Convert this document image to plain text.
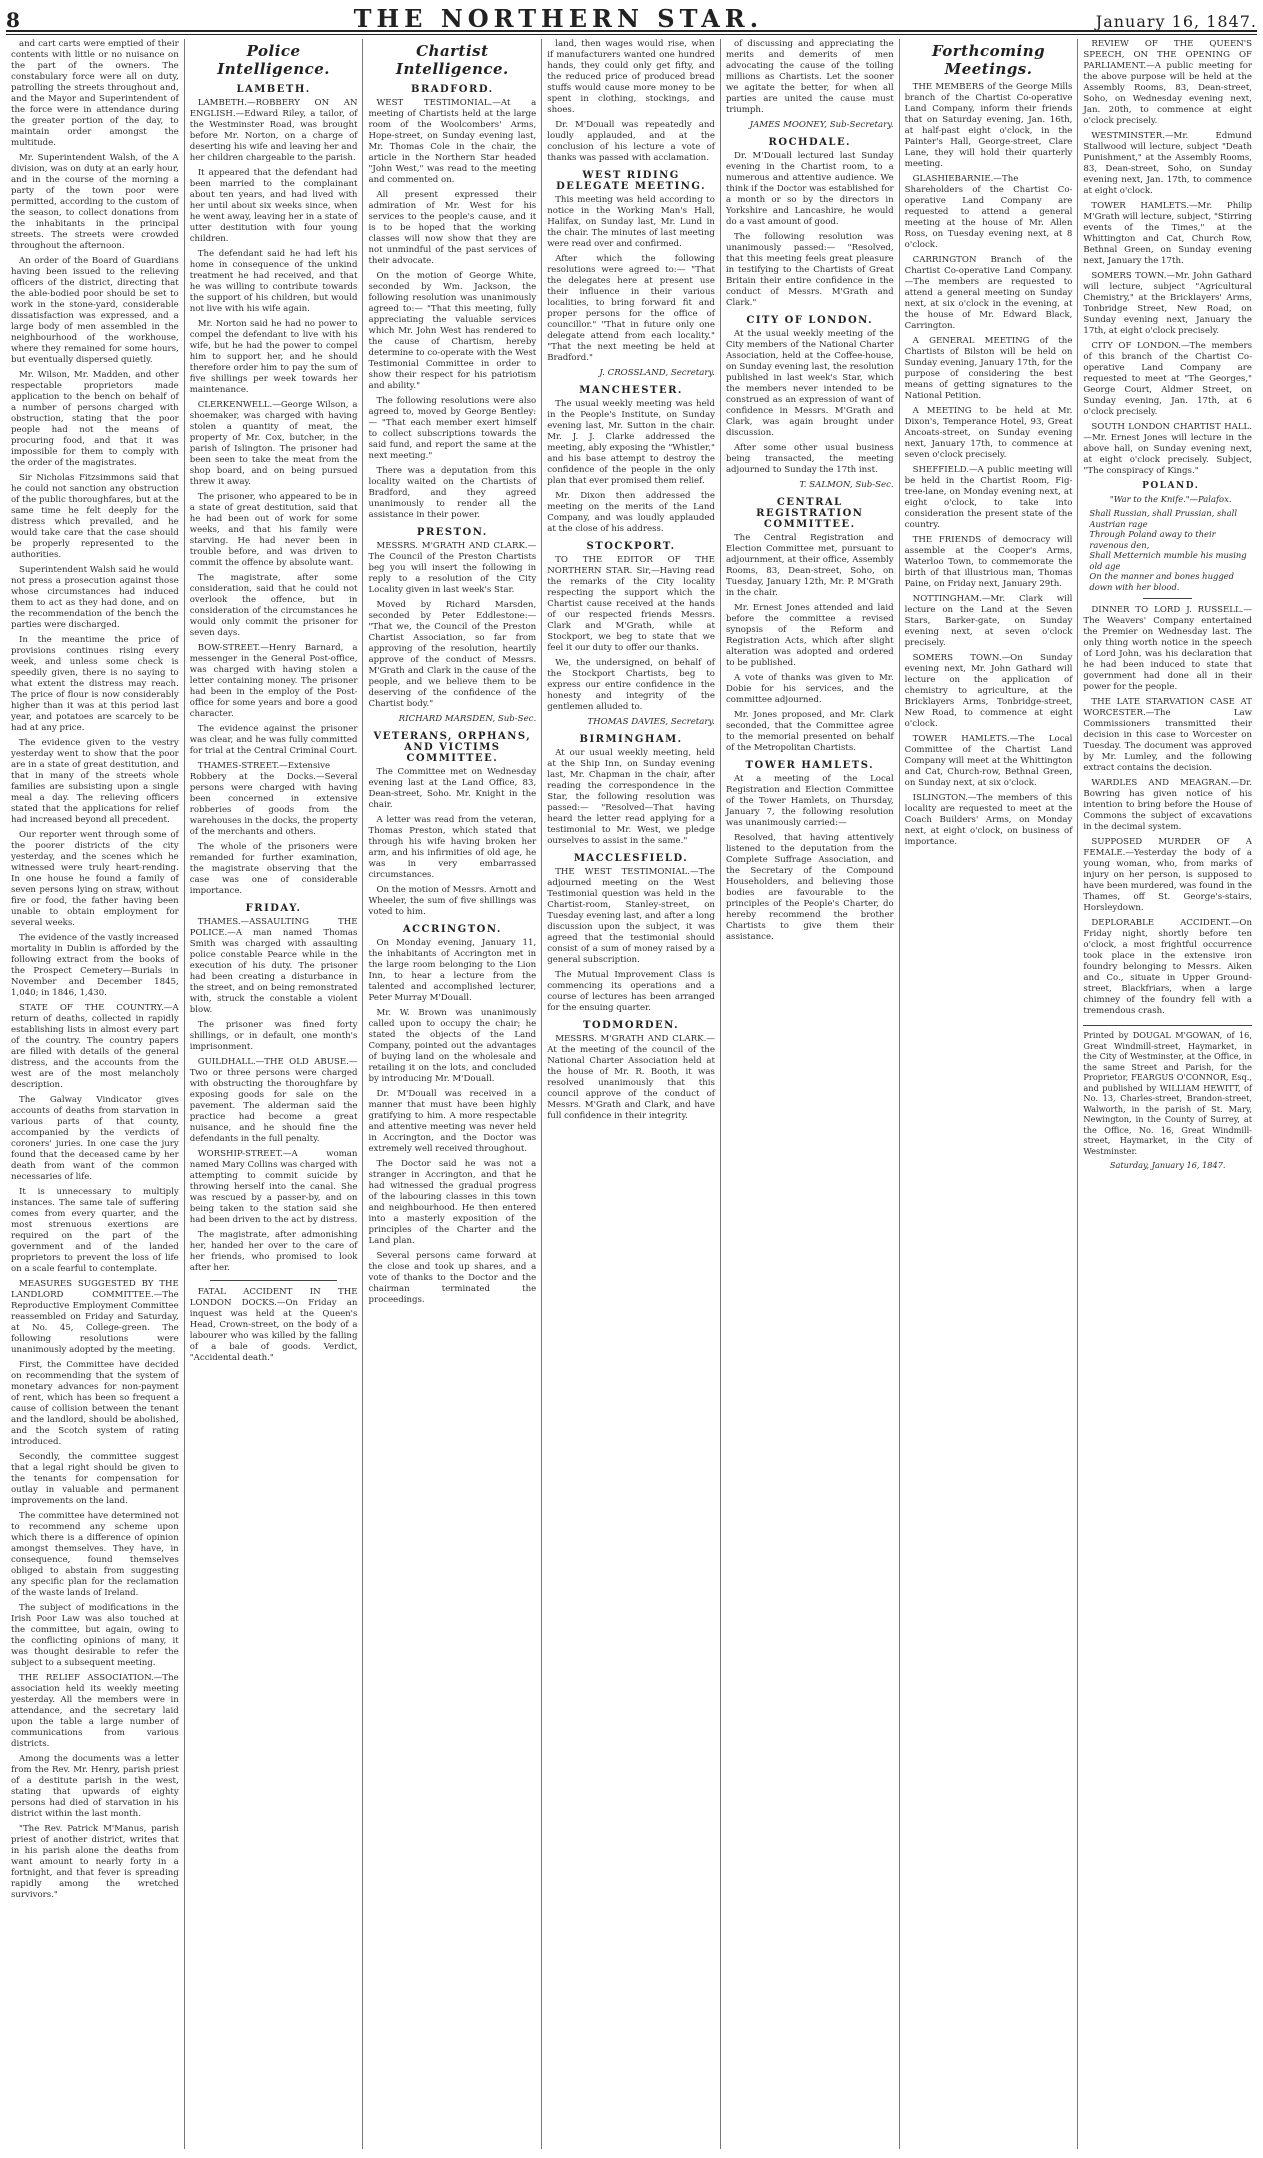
8	THE NORTHERN STAR.	January 16, 1847.

and cart carts were emptied of their contents with little or no nuisance on the part of the owners. The constabulary force were all on duty, patrolling the streets throughout and, and the Mayor and Superintendent of the force were in attendance during the greater portion of the day, to maintain order amongst the multitude.

Mr. Superintendent Walsh, of the A division, was on duty at an early hour, and in the course of the morning a party of the town poor were permitted, according to the custom of the season, to collect donations from the inhabitants in the principal streets. The streets were crowded throughout the afternoon.

An order of the Board of Guardians having been issued to the relieving officers of the district, directing that the able-bodied poor should be set to work in the stone-yard, considerable dissatisfaction was expressed, and a large body of men assembled in the neighbourhood of the workhouse, where they remained for some hours, but eventually dispersed quietly.

Mr. Wilson, Mr. Madden, and other respectable proprietors made application to the bench on behalf of a number of persons charged with obstruction, stating that the poor people had not the means of procuring food, and that it was impossible for them to comply with the order of the magistrates.

Sir Nicholas Fitzsimmons said that he could not sanction any obstruction of the public thoroughfares, but at the same time he felt deeply for the distress which prevailed, and he would take care that the case should be properly represented to the authorities.

Superintendent Walsh said he would not press a prosecution against those whose circumstances had induced them to act as they had done, and on the recommendation of the bench the parties were discharged.

In the meantime the price of provisions continues rising every week, and unless some check is speedily given, there is no saying to what extent the distress may reach. The price of flour is now considerably higher than it was at this period last year, and potatoes are scarcely to be had at any price.

The evidence given to the vestry yesterday went to show that the poor are in a state of great destitution, and that in many of the streets whole families are subsisting upon a single meal a day. The relieving officers stated that the applications for relief had increased beyond all precedent.

Our reporter went through some of the poorer districts of the city yesterday, and the scenes which he witnessed were truly heart-rending. In one house he found a family of seven persons lying on straw, without fire or food, the father having been unable to obtain employment for several weeks.

The evidence of the vastly increased mortality in Dublin is afforded by the following extract from the books of the Prospect Cemetery—Burials in November and December 1845, 1,040; in 1846, 1,430.

STATE OF THE COUNTRY.—A return of deaths, collected in rapidly establishing lists in almost every part of the country. The country papers are filled with details of the general distress, and the accounts from the west are of the most melancholy description.

The Galway Vindicator gives accounts of deaths from starvation in various parts of that county, accompanied by the verdicts of coroners' juries. In one case the jury found that the deceased came by her death from want of the common necessaries of life.

It is unnecessary to multiply instances. The same tale of suffering comes from every quarter, and the most strenuous exertions are required on the part of the government and of the landed proprietors to prevent the loss of life on a scale fearful to contemplate.

MEASURES SUGGESTED BY THE LANDLORD COMMITTEE.—The Reproductive Employment Committee reassembled on Friday and Saturday, at No. 45, College-green. The following resolutions were unanimously adopted by the meeting.

First, the Committee have decided on recommending that the system of monetary advances for non-payment of rent, which has been so frequent a cause of collision between the tenant and the landlord, should be abolished, and the Scotch system of rating introduced.

Secondly, the committee suggest that a legal right should be given to the tenants for compensation for outlay in valuable and permanent improvements on the land.

The committee have determined not to recommend any scheme upon which there is a difference of opinion amongst themselves. They have, in consequence, found themselves obliged to abstain from suggesting any specific plan for the reclamation of the waste lands of Ireland.

The subject of modifications in the Irish Poor Law was also touched at the committee, but again, owing to the conflicting opinions of many, it was thought desirable to refer the subject to a subsequent meeting.

THE RELIEF ASSOCIATION.—The association held its weekly meeting yesterday. All the members were in attendance, and the secretary laid upon the table a large number of communications from various districts.

Among the documents was a letter from the Rev. Mr. Henry, parish priest of a destitute parish in the west, stating that upwards of eighty persons had died of starvation in his district within the last month.

"The Rev. Patrick M'Manus, parish priest of another district, writes that in his parish alone the deaths from want amount to nearly forty in a fortnight, and that fever is spreading rapidly among the wretched survivors."

Police Intelligence.
LAMBETH.

LAMBETH.—ROBBERY ON AN ENGLISH.—Edward Riley, a tailor, of the Westminster Road, was brought before Mr. Norton, on a charge of deserting his wife and leaving her and her children chargeable to the parish.

It appeared that the defendant had been married to the complainant about ten years, and had lived with her until about six weeks since, when he went away, leaving her in a state of utter destitution with four young children.

The defendant said he had left his home in consequence of the unkind treatment he had received, and that he was willing to contribute towards the support of his children, but would not live with his wife again.

Mr. Norton said he had no power to compel the defendant to live with his wife, but he had the power to compel him to support her, and he should therefore order him to pay the sum of five shillings per week towards her maintenance.

CLERKENWELL.—George Wilson, a shoemaker, was charged with having stolen a quantity of meat, the property of Mr. Cox, butcher, in the parish of Islington. The prisoner had been seen to take the meat from the shop board, and on being pursued threw it away.

The prisoner, who appeared to be in a state of great destitution, said that he had been out of work for some weeks, and that his family were starving. He had never been in trouble before, and was driven to commit the offence by absolute want.

The magistrate, after some consideration, said that he could not overlook the offence, but in consideration of the circumstances he would only commit the prisoner for seven days.

BOW-STREET.—Henry Barnard, a messenger in the General Post-office, was charged with having stolen a letter containing money. The prisoner had been in the employ of the Post-office for some years and bore a good character.

The evidence against the prisoner was clear, and he was fully committed for trial at the Central Criminal Court.

THAMES-STREET.—Extensive Robbery at the Docks.—Several persons were charged with having been concerned in extensive robberies of goods from the warehouses in the docks, the property of the merchants and others.

The whole of the prisoners were remanded for further examination, the magistrate observing that the case was one of considerable importance.

FRIDAY.

THAMES.—ASSAULTING THE POLICE.—A man named Thomas Smith was charged with assaulting police constable Pearce while in the execution of his duty. The prisoner had been creating a disturbance in the street, and on being remonstrated with, struck the constable a violent blow.

The prisoner was fined forty shillings, or in default, one month's imprisonment.

GUILDHALL.—THE OLD ABUSE.—Two or three persons were charged with obstructing the thoroughfare by exposing goods for sale on the pavement. The alderman said the practice had become a great nuisance, and he should fine the defendants in the full penalty.

WORSHIP-STREET.—A woman named Mary Collins was charged with attempting to commit suicide by throwing herself into the canal. She was rescued by a passer-by, and on being taken to the station said she had been driven to the act by distress.

The magistrate, after admonishing her, handed her over to the care of her friends, who promised to look after her.

FATAL ACCIDENT IN THE LONDON DOCKS.—On Friday an inquest was held at the Queen's Head, Crown-street, on the body of a labourer who was killed by the falling of a bale of goods. Verdict, "Accidental death."

Chartist Intelligence.
BRADFORD.

WEST TESTIMONIAL.—At a meeting of Chartists held at the large room of the Woolcombers' Arms, Hope-street, on Sunday evening last, Mr. Thomas Cole in the chair, the article in the Northern Star headed "John West," was read to the meeting and commented on.

All present expressed their admiration of Mr. West for his services to the people's cause, and it is to be hoped that the working classes will now show that they are not unmindful of the past services of their advocate.

On the motion of George White, seconded by Wm. Jackson, the following resolution was unanimously agreed to:— "That this meeting, fully appreciating the valuable services which Mr. John West has rendered to the cause of Chartism, hereby determine to co-operate with the West Testimonial Committee in order to show their respect for his patriotism and ability."

The following resolutions were also agreed to, moved by George Bentley:— "That each member exert himself to collect subscriptions towards the said fund, and report the same at the next meeting."

There was a deputation from this locality waited on the Chartists of Bradford, and they agreed unanimously to render all the assistance in their power.

PRESTON.

MESSRS. M'GRATH AND CLARK.—The Council of the Preston Chartists beg you will insert the following in reply to a resolution of the City Locality given in last week's Star.

Moved by Richard Marsden, seconded by Peter Eddlestone:— "That we, the Council of the Preston Chartist Association, so far from approving of the resolution, heartily approve of the conduct of Messrs. M'Grath and Clark in the cause of the people, and we believe them to be deserving of the confidence of the Chartist body."

RICHARD MARSDEN, Sub-Sec.

VETERANS, ORPHANS, AND VICTIMS COMMITTEE.

The Committee met on Wednesday evening last at the Land Office, 83, Dean-street, Soho. Mr. Knight in the chair.

A letter was read from the veteran, Thomas Preston, which stated that through his wife having broken her arm, and his infirmities of old age, he was in very embarrassed circumstances.

On the motion of Messrs. Arnott and Wheeler, the sum of five shillings was voted to him.

ACCRINGTON.

On Monday evening, January 11, the inhabitants of Accrington met in the large room belonging to the Lion Inn, to hear a lecture from the talented and accomplished lecturer, Peter Murray M'Douall.

Mr. W. Brown was unanimously called upon to occupy the chair; he stated the objects of the Land Company, pointed out the advantages of buying land on the wholesale and retailing it on the lots, and concluded by introducing Mr. M'Douall.

Dr. M'Douall was received in a manner that must have been highly gratifying to him. A more respectable and attentive meeting was never held in Accrington, and the Doctor was extremely well received throughout.

The Doctor said he was not a stranger in Accrington, and that he had witnessed the gradual progress of the labouring classes in this town and neighbourhood. He then entered into a masterly exposition of the principles of the Charter and the Land plan.

Several persons came forward at the close and took up shares, and a vote of thanks to the Doctor and the chairman terminated the proceedings.

land, then wages would rise, when if manufacturers wanted one hundred hands, they could only get fifty, and the reduced price of produced bread stuffs would cause more money to be spent in clothing, stockings, and shoes.

Dr. M'Douall was repeatedly and loudly applauded, and at the conclusion of his lecture a vote of thanks was passed with acclamation.

WEST RIDING DELEGATE MEETING.

This meeting was held according to notice in the Working Man's Hall, Halifax, on Sunday last, Mr. Lund in the chair. The minutes of last meeting were read over and confirmed.

After which the following resolutions were agreed to:— "That the delegates here at present use their influence in their various localities, to bring forward fit and proper persons for the office of councillor." "That in future only one delegate attend from each locality." "That the next meeting be held at Bradford."

J. CROSSLAND, Secretary.

MANCHESTER.

The usual weekly meeting was held in the People's Institute, on Sunday evening last, Mr. Sutton in the chair. Mr. J. J. Clarke addressed the meeting, ably exposing the "Whistler," and his base attempt to destroy the confidence of the people in the only plan that ever promised them relief.

Mr. Dixon then addressed the meeting on the merits of the Land Company, and was loudly applauded at the close of his address.

STOCKPORT.

TO THE EDITOR OF THE NORTHERN STAR. Sir,—Having read the remarks of the City locality respecting the support which the Chartist cause received at the hands of our respected friends Messrs. Clark and M'Grath, while at Stockport, we beg to state that we feel it our duty to offer our thanks.

We, the undersigned, on behalf of the Stockport Chartists, beg to express our entire confidence in the honesty and integrity of the gentlemen alluded to.

THOMAS DAVIES, Secretary.

BIRMINGHAM.

At our usual weekly meeting, held at the Ship Inn, on Sunday evening last, Mr. Chapman in the chair, after reading the correspondence in the Star, the following resolution was passed:— "Resolved—That having heard the letter read applying for a testimonial to Mr. West, we pledge ourselves to assist in the same."

MACCLESFIELD.

THE WEST TESTIMONIAL.—The adjourned meeting on the West Testimonial question was held in the Chartist-room, Stanley-street, on Tuesday evening last, and after a long discussion upon the subject, it was agreed that the testimonial should consist of a sum of money raised by a general subscription.

The Mutual Improvement Class is commencing its operations and a course of lectures has been arranged for the ensuing quarter.

TODMORDEN.

MESSRS. M'GRATH AND CLARK.—At the meeting of the council of the National Charter Association held at the house of Mr. R. Booth, it was resolved unanimously that this council approve of the conduct of Messrs. M'Grath and Clark, and have full confidence in their integrity.

of discussing and appreciating the merits and demerits of men advocating the cause of the toiling millions as Chartists. Let the sooner we agitate the better, for when all parties are united the cause must triumph.

JAMES MOONEY, Sub-Secretary.

ROCHDALE.

Dr. M'Douall lectured last Sunday evening in the Chartist room, to a numerous and attentive audience. We think if the Doctor was established for a month or so by the directors in Yorkshire and Lancashire, he would do a vast amount of good.

The following resolution was unanimously passed:— "Resolved, that this meeting feels great pleasure in testifying to the Chartists of Great Britain their entire confidence in the conduct of Messrs. M'Grath and Clark."

CITY OF LONDON.

At the usual weekly meeting of the City members of the National Charter Association, held at the Coffee-house, on Sunday evening last, the resolution published in last week's Star, which the members never intended to be construed as an expression of want of confidence in Messrs. M'Grath and Clark, was again brought under discussion.

After some other usual business being transacted, the meeting adjourned to Sunday the 17th inst.

T. SALMON, Sub-Sec.

CENTRAL REGISTRATION COMMITTEE.

The Central Registration and Election Committee met, pursuant to adjournment, at their office, Assembly Rooms, 83, Dean-street, Soho, on Tuesday, January 12th, Mr. P. M'Grath in the chair.

Mr. Ernest Jones attended and laid before the committee a revised synopsis of the Reform and Registration Acts, which after slight alteration was adopted and ordered to be published.

A vote of thanks was given to Mr. Dobie for his services, and the committee adjourned.

Mr. Jones proposed, and Mr. Clark seconded, that the Committee agree to the memorial presented on behalf of the Metropolitan Chartists.

TOWER HAMLETS.

At a meeting of the Local Registration and Election Committee of the Tower Hamlets, on Thursday, January 7, the following resolution was unanimously carried:—

Resolved, that having attentively listened to the deputation from the Complete Suffrage Association, and the Secretary of the Compound Householders, and believing those bodies are favourable to the principles of the People's Charter, do hereby recommend the brother Chartists to give them their assistance.

Forthcoming Meetings.

THE MEMBERS of the George Mills branch of the Chartist Co-operative Land Company, inform their friends that on Saturday evening, Jan. 16th, at half-past eight o'clock, in the Painter's Hall, George-street, Clare Lane, they will hold their quarterly meeting.

GLASHIEBARNIE.—The Shareholders of the Chartist Co-operative Land Company are requested to attend a general meeting at the house of Mr. Allen Ross, on Tuesday evening next, at 8 o'clock.

CARRINGTON Branch of the Chartist Co-operative Land Company.—The members are requested to attend a general meeting on Sunday next, at six o'clock in the evening, at the house of Mr. Edward Black, Carrington.

A GENERAL MEETING of the Chartists of Bilston will be held on Sunday evening, January 17th, for the purpose of considering the best means of getting signatures to the National Petition.

A MEETING to be held at Mr. Dixon's, Temperance Hotel, 93, Great Ancoats-street, on Sunday evening next, January 17th, to commence at seven o'clock precisely.

SHEFFIELD.—A public meeting will be held in the Chartist Room, Fig-tree-lane, on Monday evening next, at eight o'clock, to take into consideration the present state of the country.

THE FRIENDS of democracy will assemble at the Cooper's Arms, Waterloo Town, to commemorate the birth of that illustrious man, Thomas Paine, on Friday next, January 29th.

NOTTINGHAM.—Mr. Clark will lecture on the Land at the Seven Stars, Barker-gate, on Sunday evening next, at seven o'clock precisely.

SOMERS TOWN.—On Sunday evening next, Mr. John Gathard will lecture on the application of chemistry to agriculture, at the Bricklayers Arms, Tonbridge-street, New Road, to commence at eight o'clock.

TOWER HAMLETS.—The Local Committee of the Chartist Land Company will meet at the Whittington and Cat, Church-row, Bethnal Green, on Sunday next, at six o'clock.

ISLINGTON.—The members of this locality are requested to meet at the Coach Builders' Arms, on Monday next, at eight o'clock, on business of importance.

REVIEW OF THE QUEEN'S SPEECH, ON THE OPENING OF PARLIAMENT.—A public meeting for the above purpose will be held at the Assembly Rooms, 83, Dean-street, Soho, on Wednesday evening next, Jan. 20th, to commence at eight o'clock precisely.

WESTMINSTER.—Mr. Edmund Stallwood will lecture, subject "Death Punishment," at the Assembly Rooms, 83, Dean-street, Soho, on Sunday evening next, Jan. 17th, to commence at eight o'clock.

TOWER HAMLETS.—Mr. Philip M'Grath will lecture, subject, "Stirring events of the Times," at the Whittington and Cat, Church Row, Bethnal Green, on Sunday evening next, January the 17th.

SOMERS TOWN.—Mr. John Gathard will lecture, subject "Agricultural Chemistry," at the Bricklayers' Arms, Tonbridge Street, New Road, on Sunday evening next, January the 17th, at eight o'clock precisely.

CITY OF LONDON.—The members of this branch of the Chartist Co-operative Land Company are requested to meet at "The Georges," George Court, Aldmer Street, on Sunday evening, Jan. 17th, at 6 o'clock precisely.

SOUTH LONDON CHARTIST HALL.—Mr. Ernest Jones will lecture in the above hall, on Sunday evening next, at eight o'clock precisely. Subject, "The conspiracy of Kings."

POLAND.

"War to the Knife."—Palafox.

Shall Russian, shall Prussian, shall Austrian rage

Through Poland away to their ravenous den,

Shall Metternich mumble his musing old age

On the manner and bones hugged down with her blood.

DINNER TO LORD J. RUSSELL.—The Weavers' Company entertained the Premier on Wednesday last. The only thing worth notice in the speech of Lord John, was his declaration that he had been induced to state that government had done all in their power for the people.

THE LATE STARVATION CASE AT WORCESTER.—The Law Commissioners transmitted their decision in this case to Worcester on Tuesday. The document was approved by Mr. Lumley, and the following extract contains the decision.

WARDLES AND MEAGRAN.—Dr. Bowring has given notice of his intention to bring before the House of Commons the subject of excavations in the decimal system.

SUPPOSED MURDER OF A FEMALE.—Yesterday the body of a young woman, who, from marks of injury on her person, is supposed to have been murdered, was found in the Thames, off St. George's-stairs, Horsleydown.

DEPLORABLE ACCIDENT.—On Friday night, shortly before ten o'clock, a most frightful occurrence took place in the extensive iron foundry belonging to Messrs. Aiken and Co., situate in Upper Ground-street, Blackfriars, when a large chimney of the foundry fell with a tremendous crash.

Printed by DOUGAL M'GOWAN, of 16, Great Windmill-street, Haymarket, in the City of Westminster, at the Office, in the same Street and Parish, for the Proprietor, FEARGUS O'CONNOR, Esq., and published by WILLIAM HEWITT, of No. 13, Charles-street, Brandon-street, Walworth, in the parish of St. Mary, Newington, in the County of Surrey, at the Office, No. 16, Great Windmill-street, Haymarket, in the City of Westminster.

Saturday, January 16, 1847.
